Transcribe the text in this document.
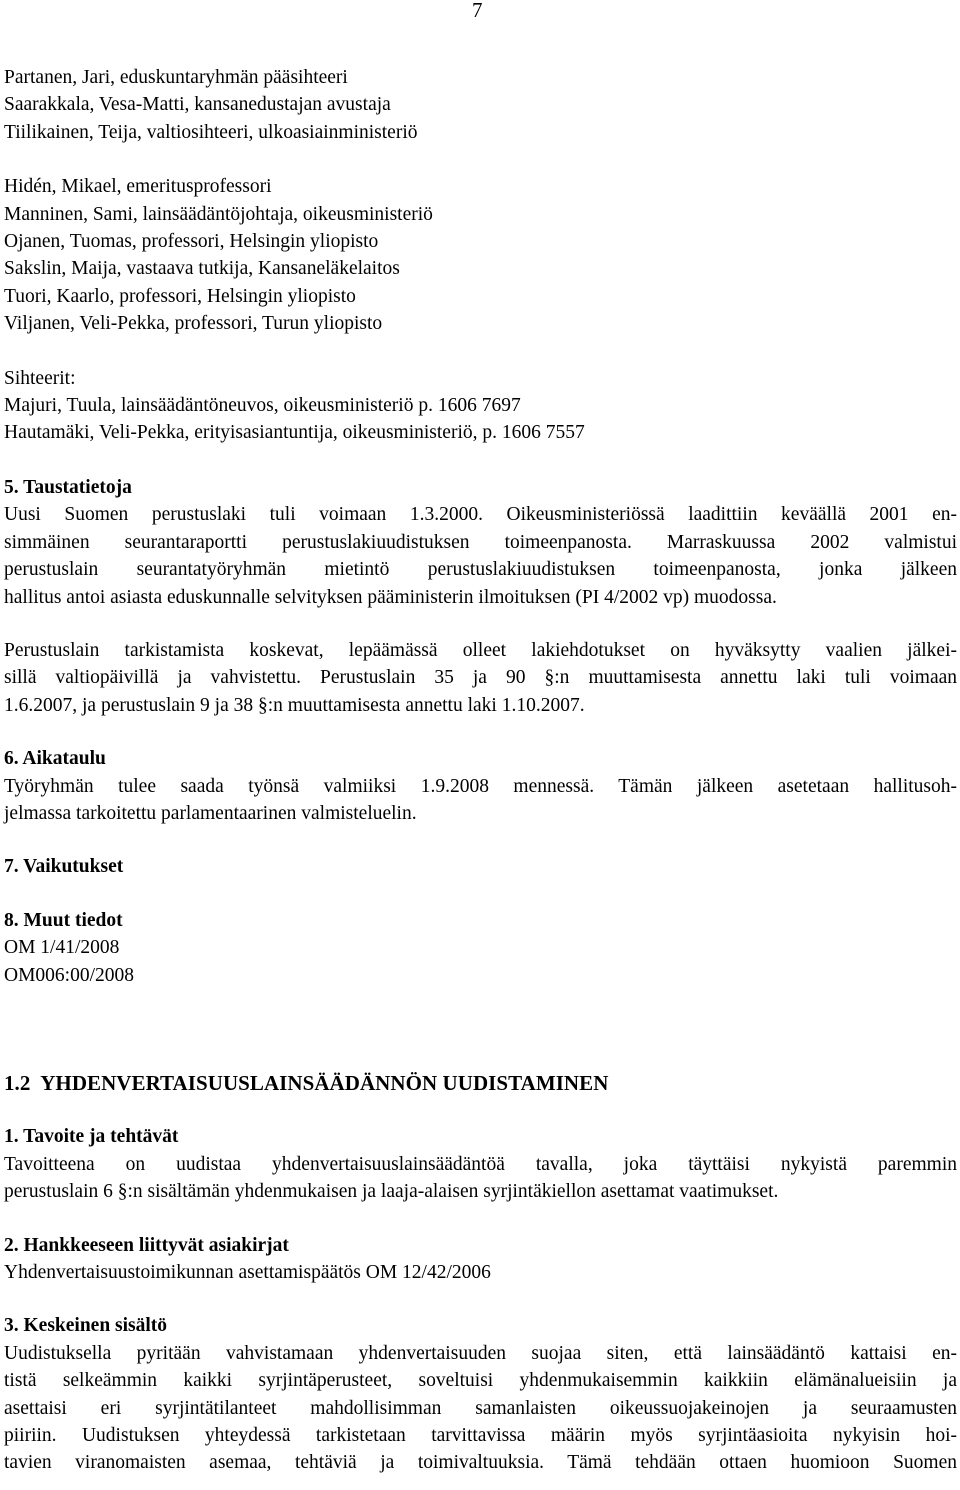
7
Partanen, Jari, eduskuntaryhmän pääsihteeri
Saarakkala, Vesa-Matti, kansanedustajan avustaja
Tiilikainen, Teija, valtiosihteeri, ulkoasiainministeriö
Hidén, Mikael, emeritusprofessori
Manninen, Sami, lainsäädäntöjohtaja, oikeusministeriö
Ojanen, Tuomas, professori, Helsingin yliopisto
Sakslin, Maija, vastaava tutkija, Kansaneläkelaitos
Tuori, Kaarlo, professori, Helsingin yliopisto
Viljanen, Veli-Pekka, professori, Turun yliopisto
Sihteerit:
Majuri, Tuula, lainsäädäntöneuvos, oikeusministeriö p. 1606 7697
Hautamäki, Veli-Pekka, erityisasiantuntija, oikeusministeriö, p. 1606 7557
5. Taustatietoja
Uusi Suomen perustuslaki tuli voimaan 1.3.2000. Oikeusministeriössä laadittiin keväällä 2001 en-
simmäinen seurantaraportti perustuslakiuudistuksen toimeenpanosta. Marraskuussa 2002 valmistui
perustuslain seurantatyöryhmän mietintö perustuslakiuudistuksen toimeenpanosta, jonka jälkeen
hallitus antoi asiasta eduskunnalle selvityksen pääministerin ilmoituksen (PI 4/2002 vp) muodossa.
Perustuslain tarkistamista koskevat, lepäämässä olleet lakiehdotukset on hyväksytty vaalien jälkei-
sillä valtiopäivillä ja vahvistettu. Perustuslain 35 ja 90 §:n muuttamisesta annettu laki tuli voimaan
1.6.2007, ja perustuslain 9 ja 38 §:n muuttamisesta annettu laki 1.10.2007.
6. Aikataulu
Työryhmän tulee saada työnsä valmiiksi 1.9.2008 mennessä. Tämän jälkeen asetetaan hallitusoh-
jelmassa tarkoitettu parlamentaarinen valmisteluelin.
7. Vaikutukset
8. Muut tiedot
OM 1/41/2008
OM006:00/2008
1.2  YHDENVERTAISUUSLAINSÄÄDÄNNÖN UUDISTAMINEN
1. Tavoite ja tehtävät
Tavoitteena on uudistaa yhdenvertaisuuslainsäädäntöä tavalla, joka täyttäisi nykyistä paremmin
perustuslain 6 §:n sisältämän yhdenmukaisen ja laaja-alaisen syrjintäkiellon asettamat vaatimukset.
2. Hankkeeseen liittyvät asiakirjat
Yhdenvertaisuustoimikunnan asettamispäätös OM 12/42/2006
3. Keskeinen sisältö
Uudistuksella pyritään vahvistamaan yhdenvertaisuuden suojaa siten, että lainsäädäntö kattaisi en-
tistä selkeämmin kaikki syrjintäperusteet, soveltuisi yhdenmukaisemmin kaikkiin elämänalueisiin ja
asettaisi eri syrjintätilanteet mahdollisimman samanlaisten oikeussuojakeinojen ja seuraamusten
piiriin. Uudistuksen yhteydessä tarkistetaan tarvittavissa määrin myös syrjintäasioita nykyisin hoi-
tavien viranomaisten asemaa, tehtäviä ja toimivaltuuksia. Tämä tehdään ottaen huomioon Suomen
